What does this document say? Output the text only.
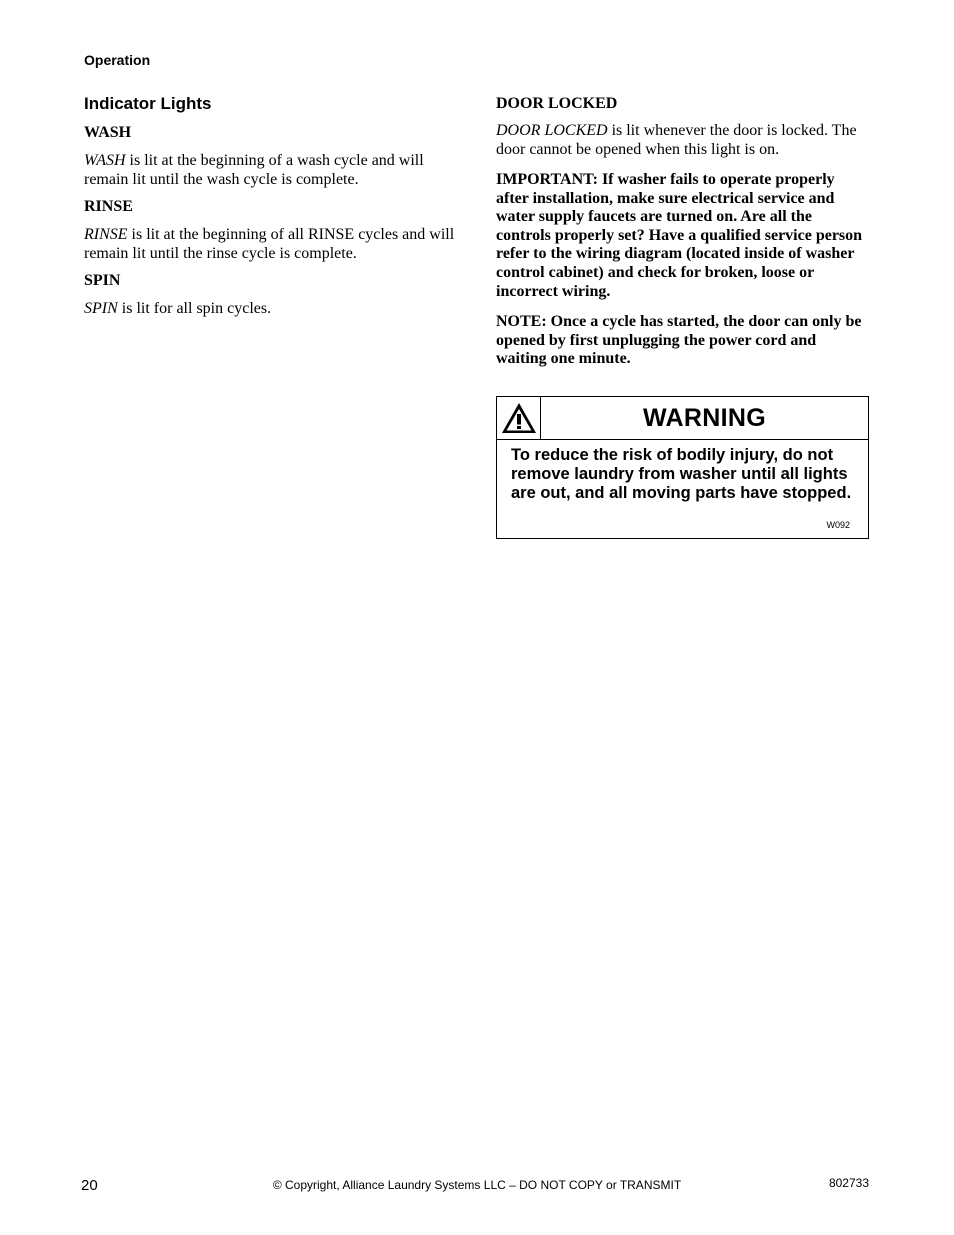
Operation
Indicator Lights
WASH
WASH is lit at the beginning of a wash cycle and will remain lit until the wash cycle is complete.
RINSE
RINSE is lit at the beginning of all RINSE cycles and will remain lit until the rinse cycle is complete.
SPIN
SPIN is lit for all spin cycles.
DOOR LOCKED
DOOR LOCKED is lit whenever the door is locked. The door cannot be opened when this light is on.
IMPORTANT: If washer fails to operate properly after installation, make sure electrical service and water supply faucets are turned on. Are all the controls properly set? Have a qualified service person refer to the wiring diagram (located inside of washer control cabinet) and check for broken, loose or incorrect wiring.
NOTE: Once a cycle has started, the door can only be opened by first unplugging the power cord and waiting one minute.
WARNING
To reduce the risk of bodily injury, do not remove laundry from washer until all lights are out, and all moving parts have stopped.
W092
20	© Copyright, Alliance Laundry Systems LLC – DO NOT COPY or TRANSMIT	802733
